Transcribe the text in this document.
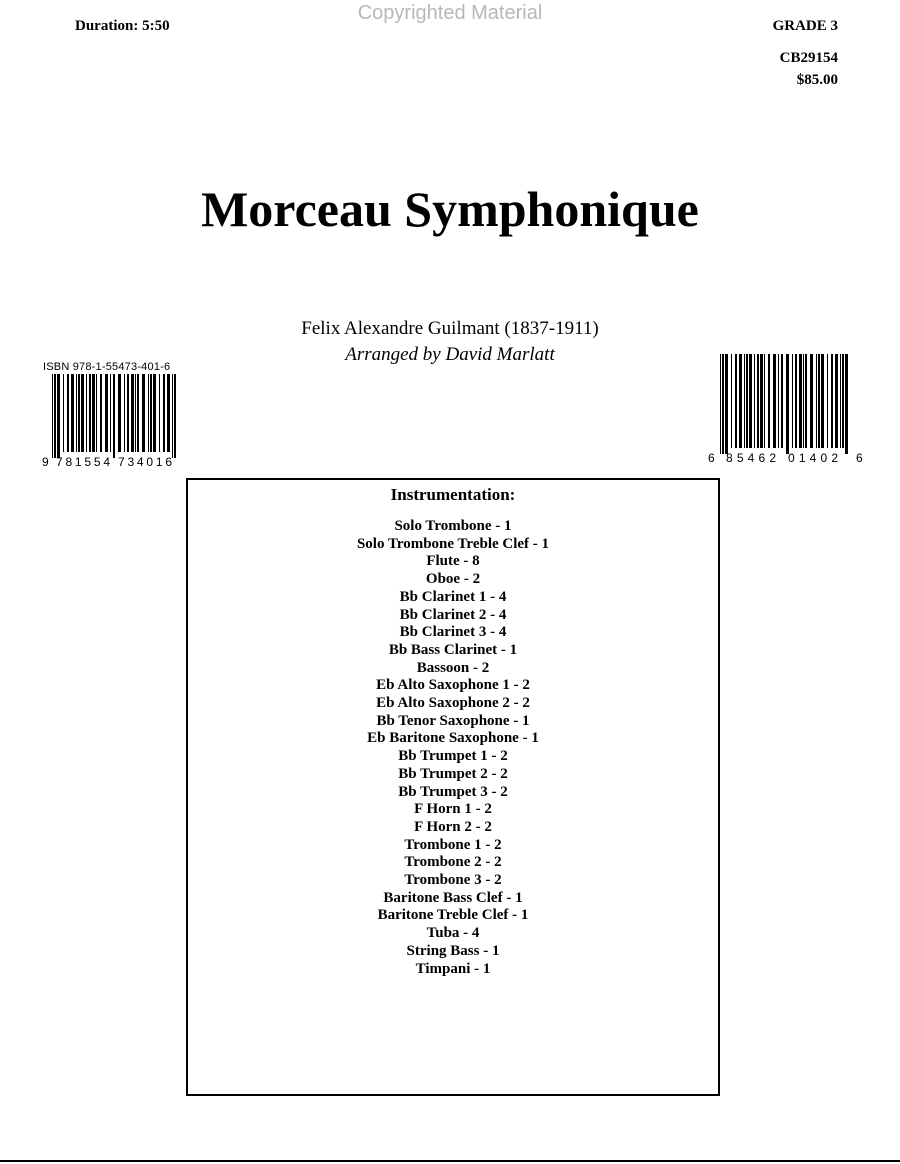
Copyrighted Material
Duration: 5:50	GRADE 3
CB29154
$85.00
Morceau Symphonique
Felix Alexandre Guilmant (1837-1911)
Arranged by David Marlatt
ISBN 978-1-55473-401-6
9 781554 734016	6 85462 01402 6
Instrumentation:
Solo Trombone - 1
Solo Trombone Treble Clef - 1
Flute - 8
Oboe - 2
Bb Clarinet 1 - 4
Bb Clarinet 2 - 4
Bb Clarinet 3 - 4
Bb Bass Clarinet - 1
Bassoon - 2
Eb Alto Saxophone 1 - 2
Eb Alto Saxophone 2 - 2
Bb Tenor Saxophone - 1
Eb Baritone Saxophone - 1
Bb Trumpet 1 - 2
Bb Trumpet 2 - 2
Bb Trumpet 3 - 2
F Horn 1 - 2
F Horn 2 - 2
Trombone 1 - 2
Trombone 2 - 2
Trombone 3 - 2
Baritone Bass Clef - 1
Baritone Treble Clef - 1
Tuba - 4
String Bass - 1
Timpani - 1
